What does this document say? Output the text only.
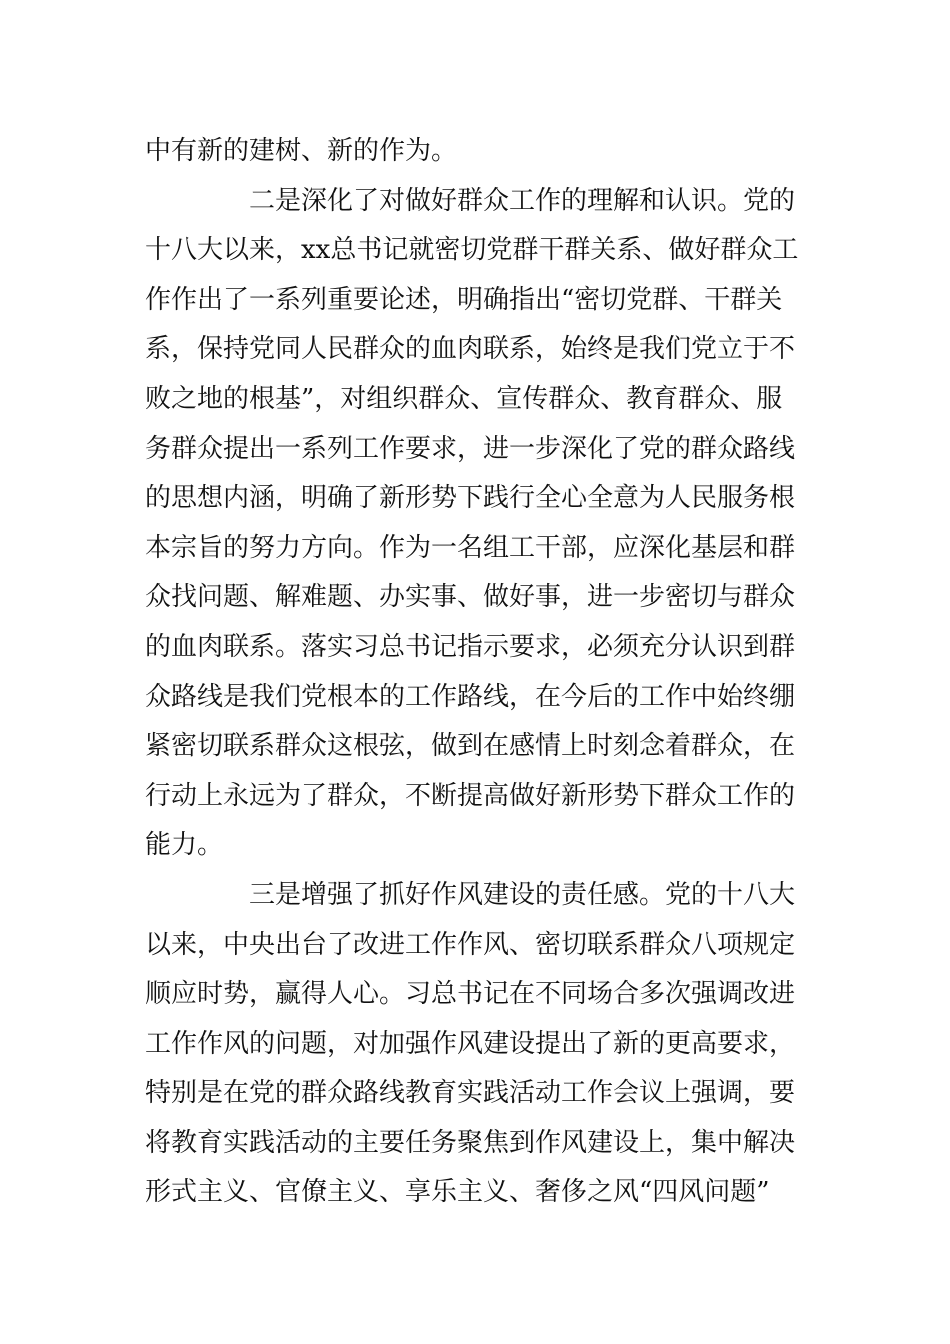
中有新的建树、新的作为。
二是深化了对做好群众工作的理解和认识。党的
十八大以来，xx总书记就密切党群干群关系、做好群众工
作作出了一系列重要论述，明确指出“密切党群、干群关
系，保持党同人民群众的血肉联系，始终是我们党立于不
败之地的根基”，对组织群众、宣传群众、教育群众、服
务群众提出一系列工作要求，进一步深化了党的群众路线
的思想内涵，明确了新形势下践行全心全意为人民服务根
本宗旨的努力方向。作为一名组工干部，应深化基层和群
众找问题、解难题、办实事、做好事，进一步密切与群众
的血肉联系。落实习总书记指示要求，必须充分认识到群
众路线是我们党根本的工作路线，在今后的工作中始终绷
紧密切联系群众这根弦，做到在感情上时刻念着群众，在
行动上永远为了群众，不断提高做好新形势下群众工作的
能力。
三是增强了抓好作风建设的责任感。党的十八大
以来，中央出台了改进工作作风、密切联系群众八项规定
顺应时势，赢得人心。习总书记在不同场合多次强调改进
工作作风的问题，对加强作风建设提出了新的更高要求，
特别是在党的群众路线教育实践活动工作会议上强调，要
将教育实践活动的主要任务聚焦到作风建设上，集中解决
形式主义、官僚主义、享乐主义、奢侈之风“四风问题”
